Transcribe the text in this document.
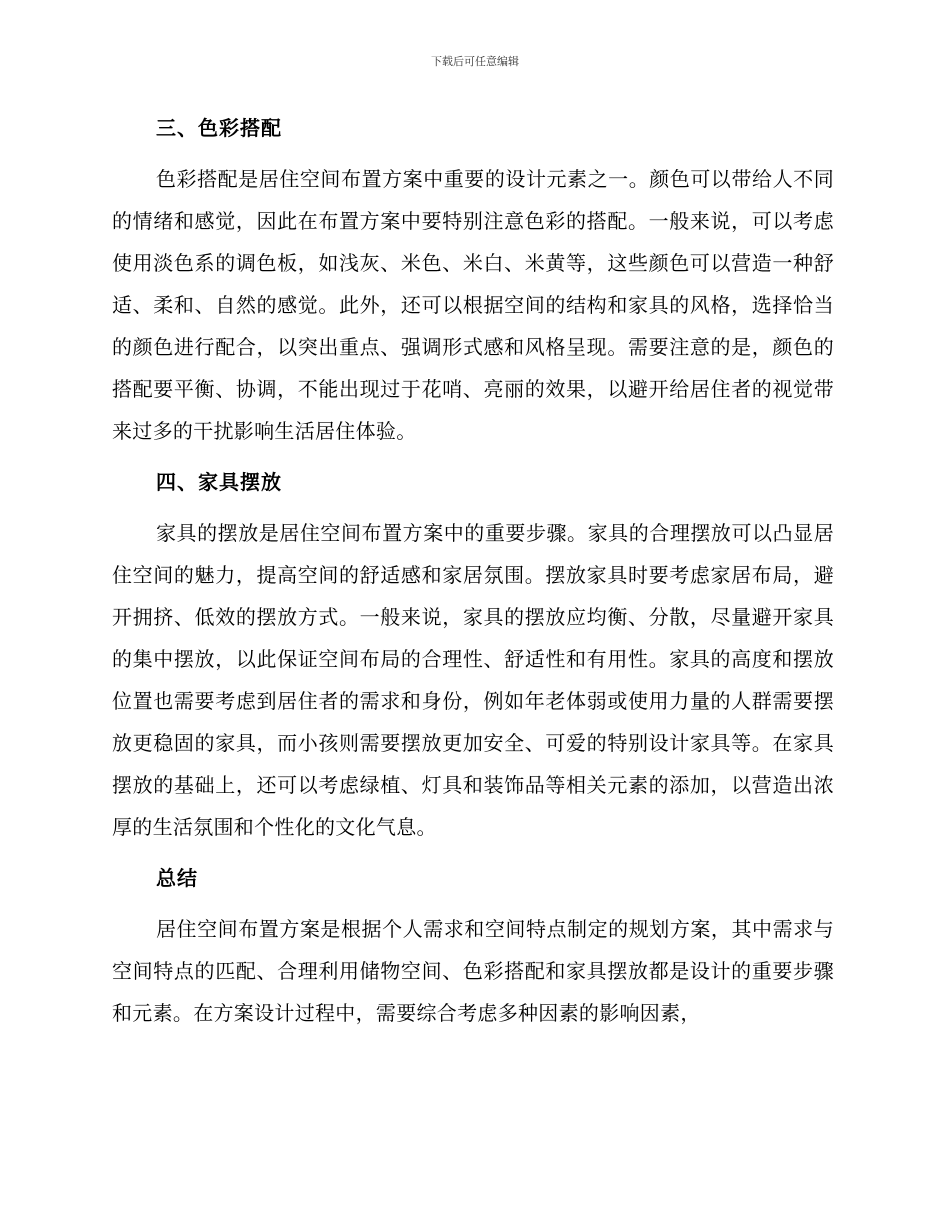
下载后可任意编辑
三、色彩搭配

色彩搭配是居住空间布置方案中重要的设计元素之一。颜色可以带给人不同的情绪和感觉，因此在布置方案中要特别注意色彩的搭配。一般来说，可以考虑使用淡色系的调色板，如浅灰、米色、米白、米黄等，这些颜色可以营造一种舒适、柔和、自然的感觉。此外，还可以根据空间的结构和家具的风格，选择恰当的颜色进行配合，以突出重点、强调形式感和风格呈现。需要注意的是，颜色的搭配要平衡、协调，不能出现过于花哨、亮丽的效果，以避开给居住者的视觉带来过多的干扰影响生活居住体验。

四、家具摆放

家具的摆放是居住空间布置方案中的重要步骤。家具的合理摆放可以凸显居住空间的魅力，提高空间的舒适感和家居氛围。摆放家具时要考虑家居布局，避开拥挤、低效的摆放方式。一般来说，家具的摆放应均衡、分散，尽量避开家具的集中摆放，以此保证空间布局的合理性、舒适性和有用性。家具的高度和摆放位置也需要考虑到居住者的需求和身份，例如年老体弱或使用力量的人群需要摆放更稳固的家具，而小孩则需要摆放更加安全、可爱的特别设计家具等。在家具摆放的基础上，还可以考虑绿植、灯具和装饰品等相关元素的添加，以营造出浓厚的生活氛围和个性化的文化气息。

总结

居住空间布置方案是根据个人需求和空间特点制定的规划方案，其中需求与空间特点的匹配、合理利用储物空间、色彩搭配和家具摆放都是设计的重要步骤和元素。在方案设计过程中，需要综合考虑多种因素的影响因素，
